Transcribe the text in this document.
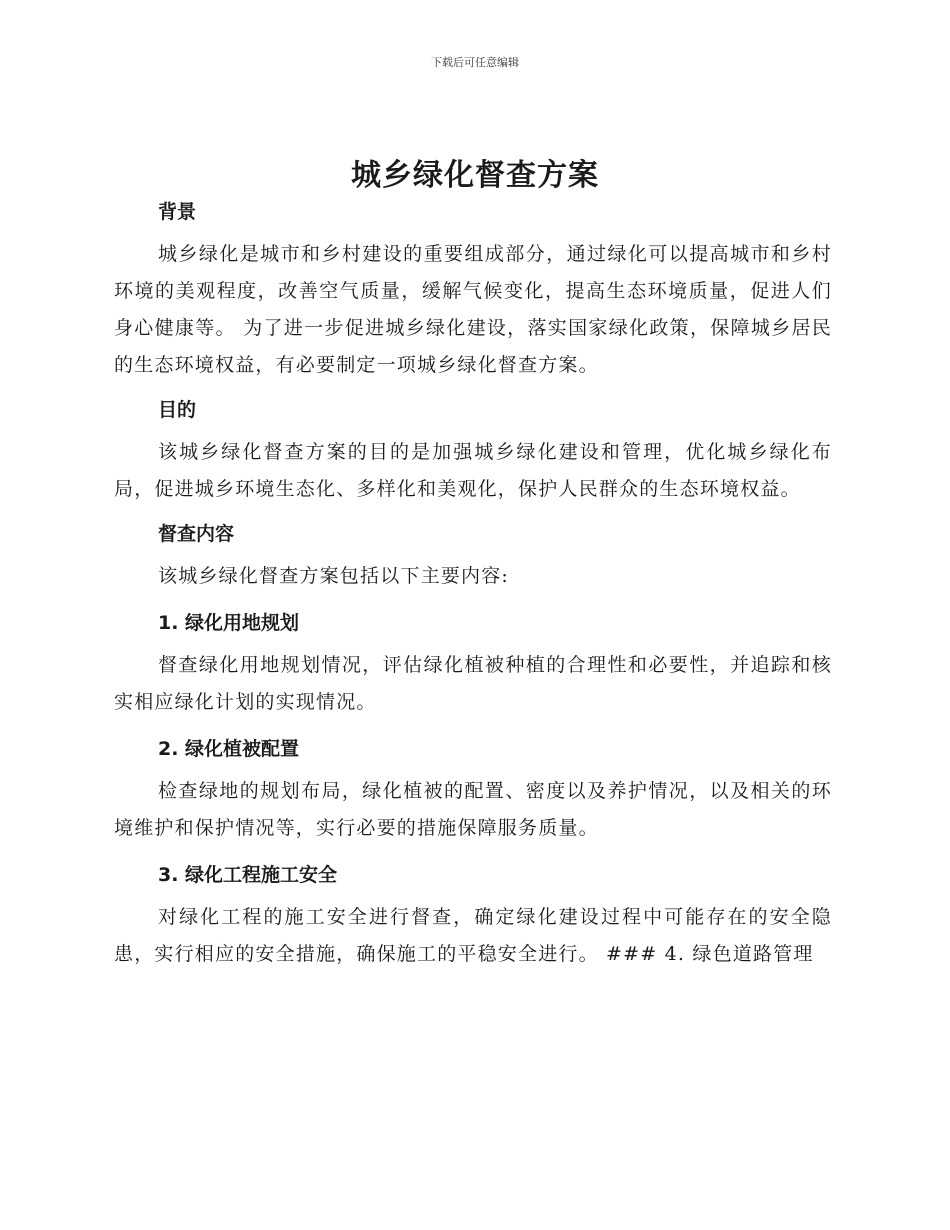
下载后可任意编辑
城乡绿化督查方案

背景

城乡绿化是城市和乡村建设的重要组成部分，通过绿化可以提高城市和乡村环境的美观程度，改善空气质量，缓解气候变化，提高生态环境质量，促进人们身心健康等。 为了进一步促进城乡绿化建设，落实国家绿化政策，保障城乡居民的生态环境权益，有必要制定一项城乡绿化督查方案。

目的

该城乡绿化督查方案的目的是加强城乡绿化建设和管理，优化城乡绿化布局，促进城乡环境生态化、多样化和美观化，保护人民群众的生态环境权益。

督查内容

该城乡绿化督查方案包括以下主要内容:

1. 绿化用地规划

督查绿化用地规划情况，评估绿化植被种植的合理性和必要性，并追踪和核实相应绿化计划的实现情况。

2. 绿化植被配置

检查绿地的规划布局，绿化植被的配置、密度以及养护情况，以及相关的环境维护和保护情况等，实行必要的措施保障服务质量。

3. 绿化工程施工安全

对绿化工程的施工安全进行督查，确定绿化建设过程中可能存在的安全隐患，实行相应的安全措施，确保施工的平稳安全进行。 ### 4. 绿色道路管理
